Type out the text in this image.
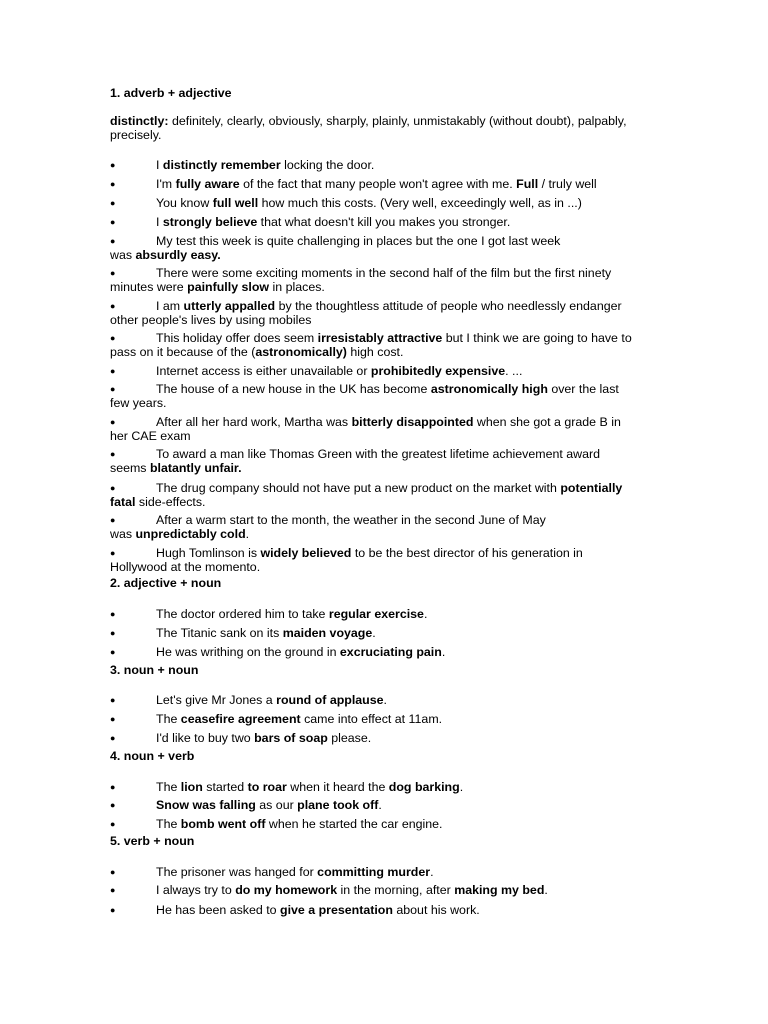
1. adverb + adjective
distinctly: definitely, clearly, obviously, sharply, plainly, unmistakably (without doubt), palpably,
precisely.
●	I distinctly remember locking the door.
●	I'm fully aware of the fact that many people won't agree with me. Full / truly well
●	You know full well how much this costs. (Very well, exceedingly well, as in ...)
●	I strongly believe that what doesn't kill you makes you stronger.
●	My test this week is quite challenging in places but the one I got last week
was absurdly easy.
●	There were some exciting moments in the second half of the film but the first ninety
minutes were painfully slow in places.
●	I am utterly appalled by the thoughtless attitude of people who needlessly endanger
other people's lives by using mobiles
●	This holiday offer does seem irresistably attractive but I think we are going to have to
pass on it because of the (astronomically) high cost.
●	Internet access is either unavailable or prohibitedly expensive. ...
●	The house of a new house in the UK has become astronomically high over the last
few years.
●	After all her hard work, Martha was bitterly disappointed when she got a grade B in
her CAE exam
●	To award a man like Thomas Green with the greatest lifetime achievement award
seems blatantly unfair.
●	The drug company should not have put a new product on the market with potentially
fatal side-effects.
●	After a warm start to the month, the weather in the second June of May
was unpredictably cold.
●	Hugh Tomlinson is widely believed to be the best director of his generation in
Hollywood at the momento.
2. adjective + noun
●	The doctor ordered him to take regular exercise.
●	The Titanic sank on its maiden voyage.
●	He was writhing on the ground in excruciating pain.
3. noun + noun
●	Let's give Mr Jones a round of applause.
●	The ceasefire agreement came into effect at 11am.
●	I'd like to buy two bars of soap please.
4. noun + verb
●	The lion started to roar when it heard the dog barking.
●	Snow was falling as our plane took off.
●	The bomb went off when he started the car engine.
5. verb + noun
●	The prisoner was hanged for committing murder.
●	I always try to do my homework in the morning, after making my bed.
●	He has been asked to give a presentation about his work.
